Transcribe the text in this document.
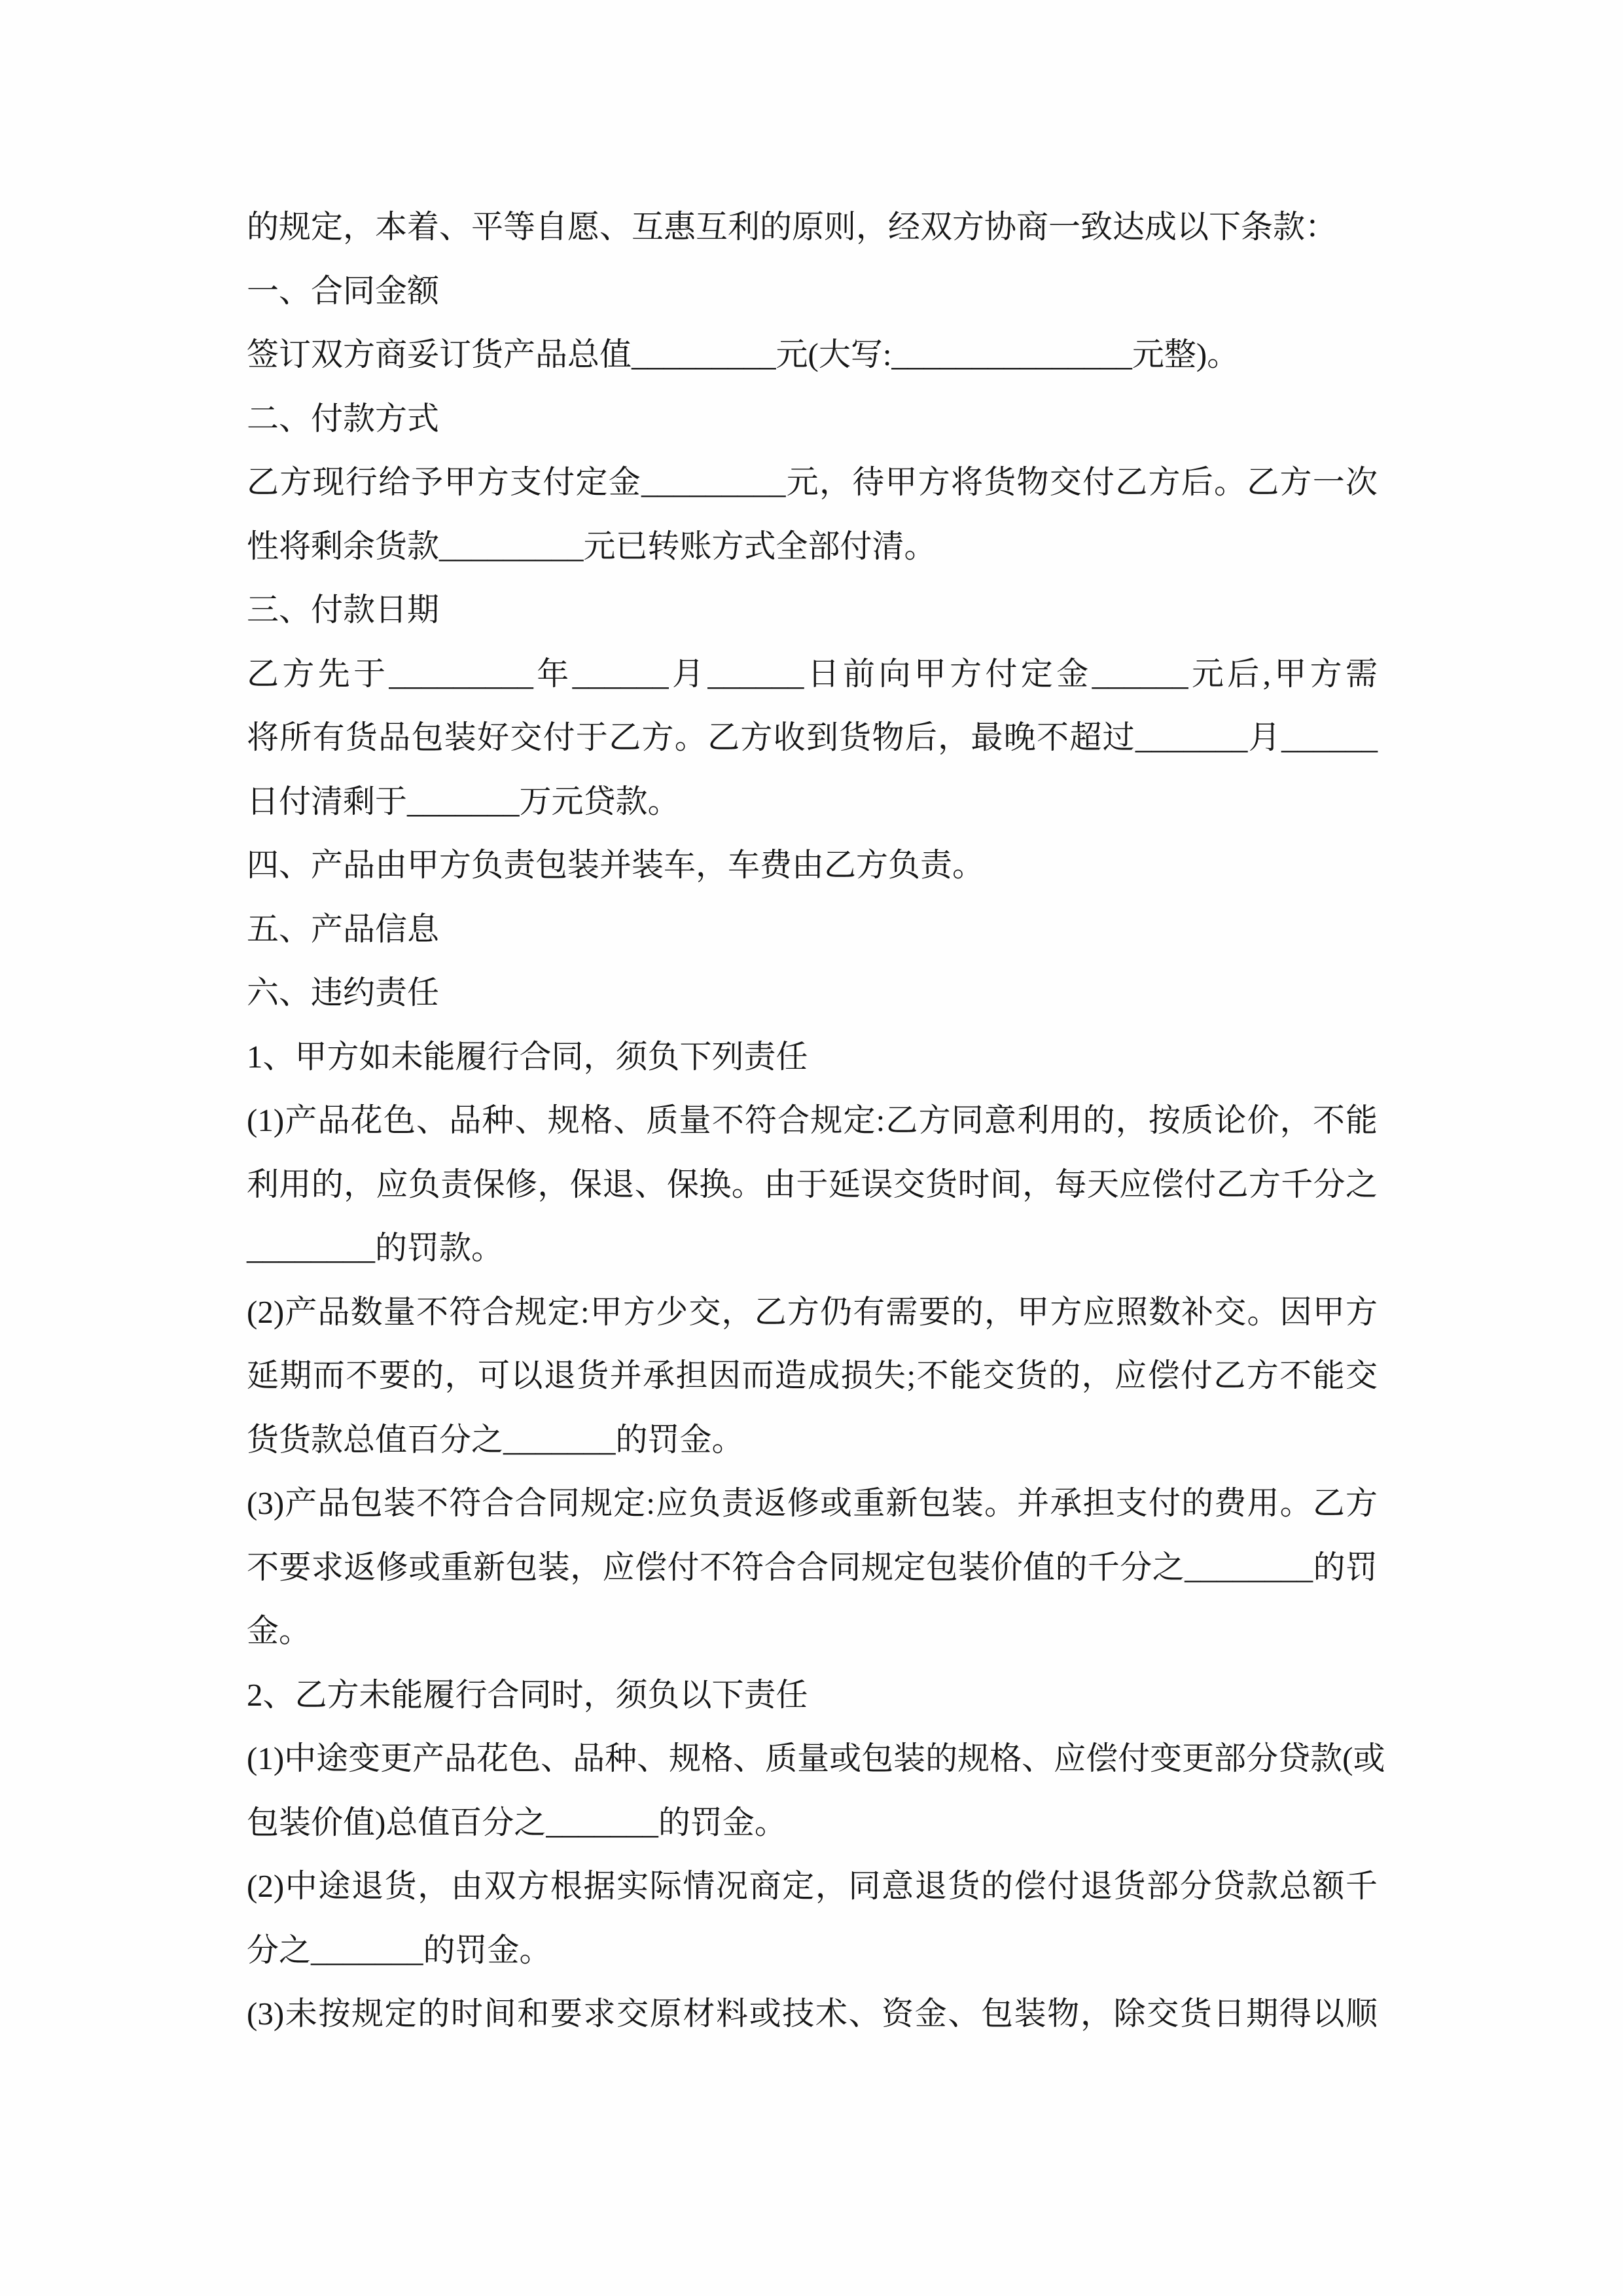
的规定，本着、平等自愿、互惠互利的原则，经双方协商一致达成以下条款：
一、合同金额
签订双方商妥订货产品总值_________元(大写:_______________元整)。
二、付款方式
乙方现行给予甲方支付定金_________元，待甲方将货物交付乙方后。乙方一次
性将剩余货款_________元已转账方式全部付清。
三、付款日期
乙方先于_________年______月______日前向甲方付定金______元后,甲方需
将所有货品包装好交付于乙方。乙方收到货物后，最晚不超过_______月______
日付清剩于_______万元贷款。
四、产品由甲方负责包装并装车，车费由乙方负责。
五、产品信息
六、违约责任
1、甲方如未能履行合同，须负下列责任
(1)产品花色、品种、规格、质量不符合规定:乙方同意利用的，按质论价，不能
利用的，应负责保修，保退、保换。由于延误交货时间，每天应偿付乙方千分之
________的罚款。
(2)产品数量不符合规定:甲方少交，乙方仍有需要的，甲方应照数补交。因甲方
延期而不要的，可以退货并承担因而造成损失;不能交货的，应偿付乙方不能交
货货款总值百分之_______的罚金。
(3)产品包装不符合合同规定:应负责返修或重新包装。并承担支付的费用。乙方
不要求返修或重新包装，应偿付不符合合同规定包装价值的千分之________的罚
金。
2、乙方未能履行合同时，须负以下责任
(1)中途变更产品花色、品种、规格、质量或包装的规格、应偿付变更部分贷款(或
包装价值)总值百分之_______的罚金。
(2)中途退货，由双方根据实际情况商定，同意退货的偿付退货部分贷款总额千
分之_______的罚金。
(3)未按规定的时间和要求交原材料或技术、资金、包装物，除交货日期得以顺
